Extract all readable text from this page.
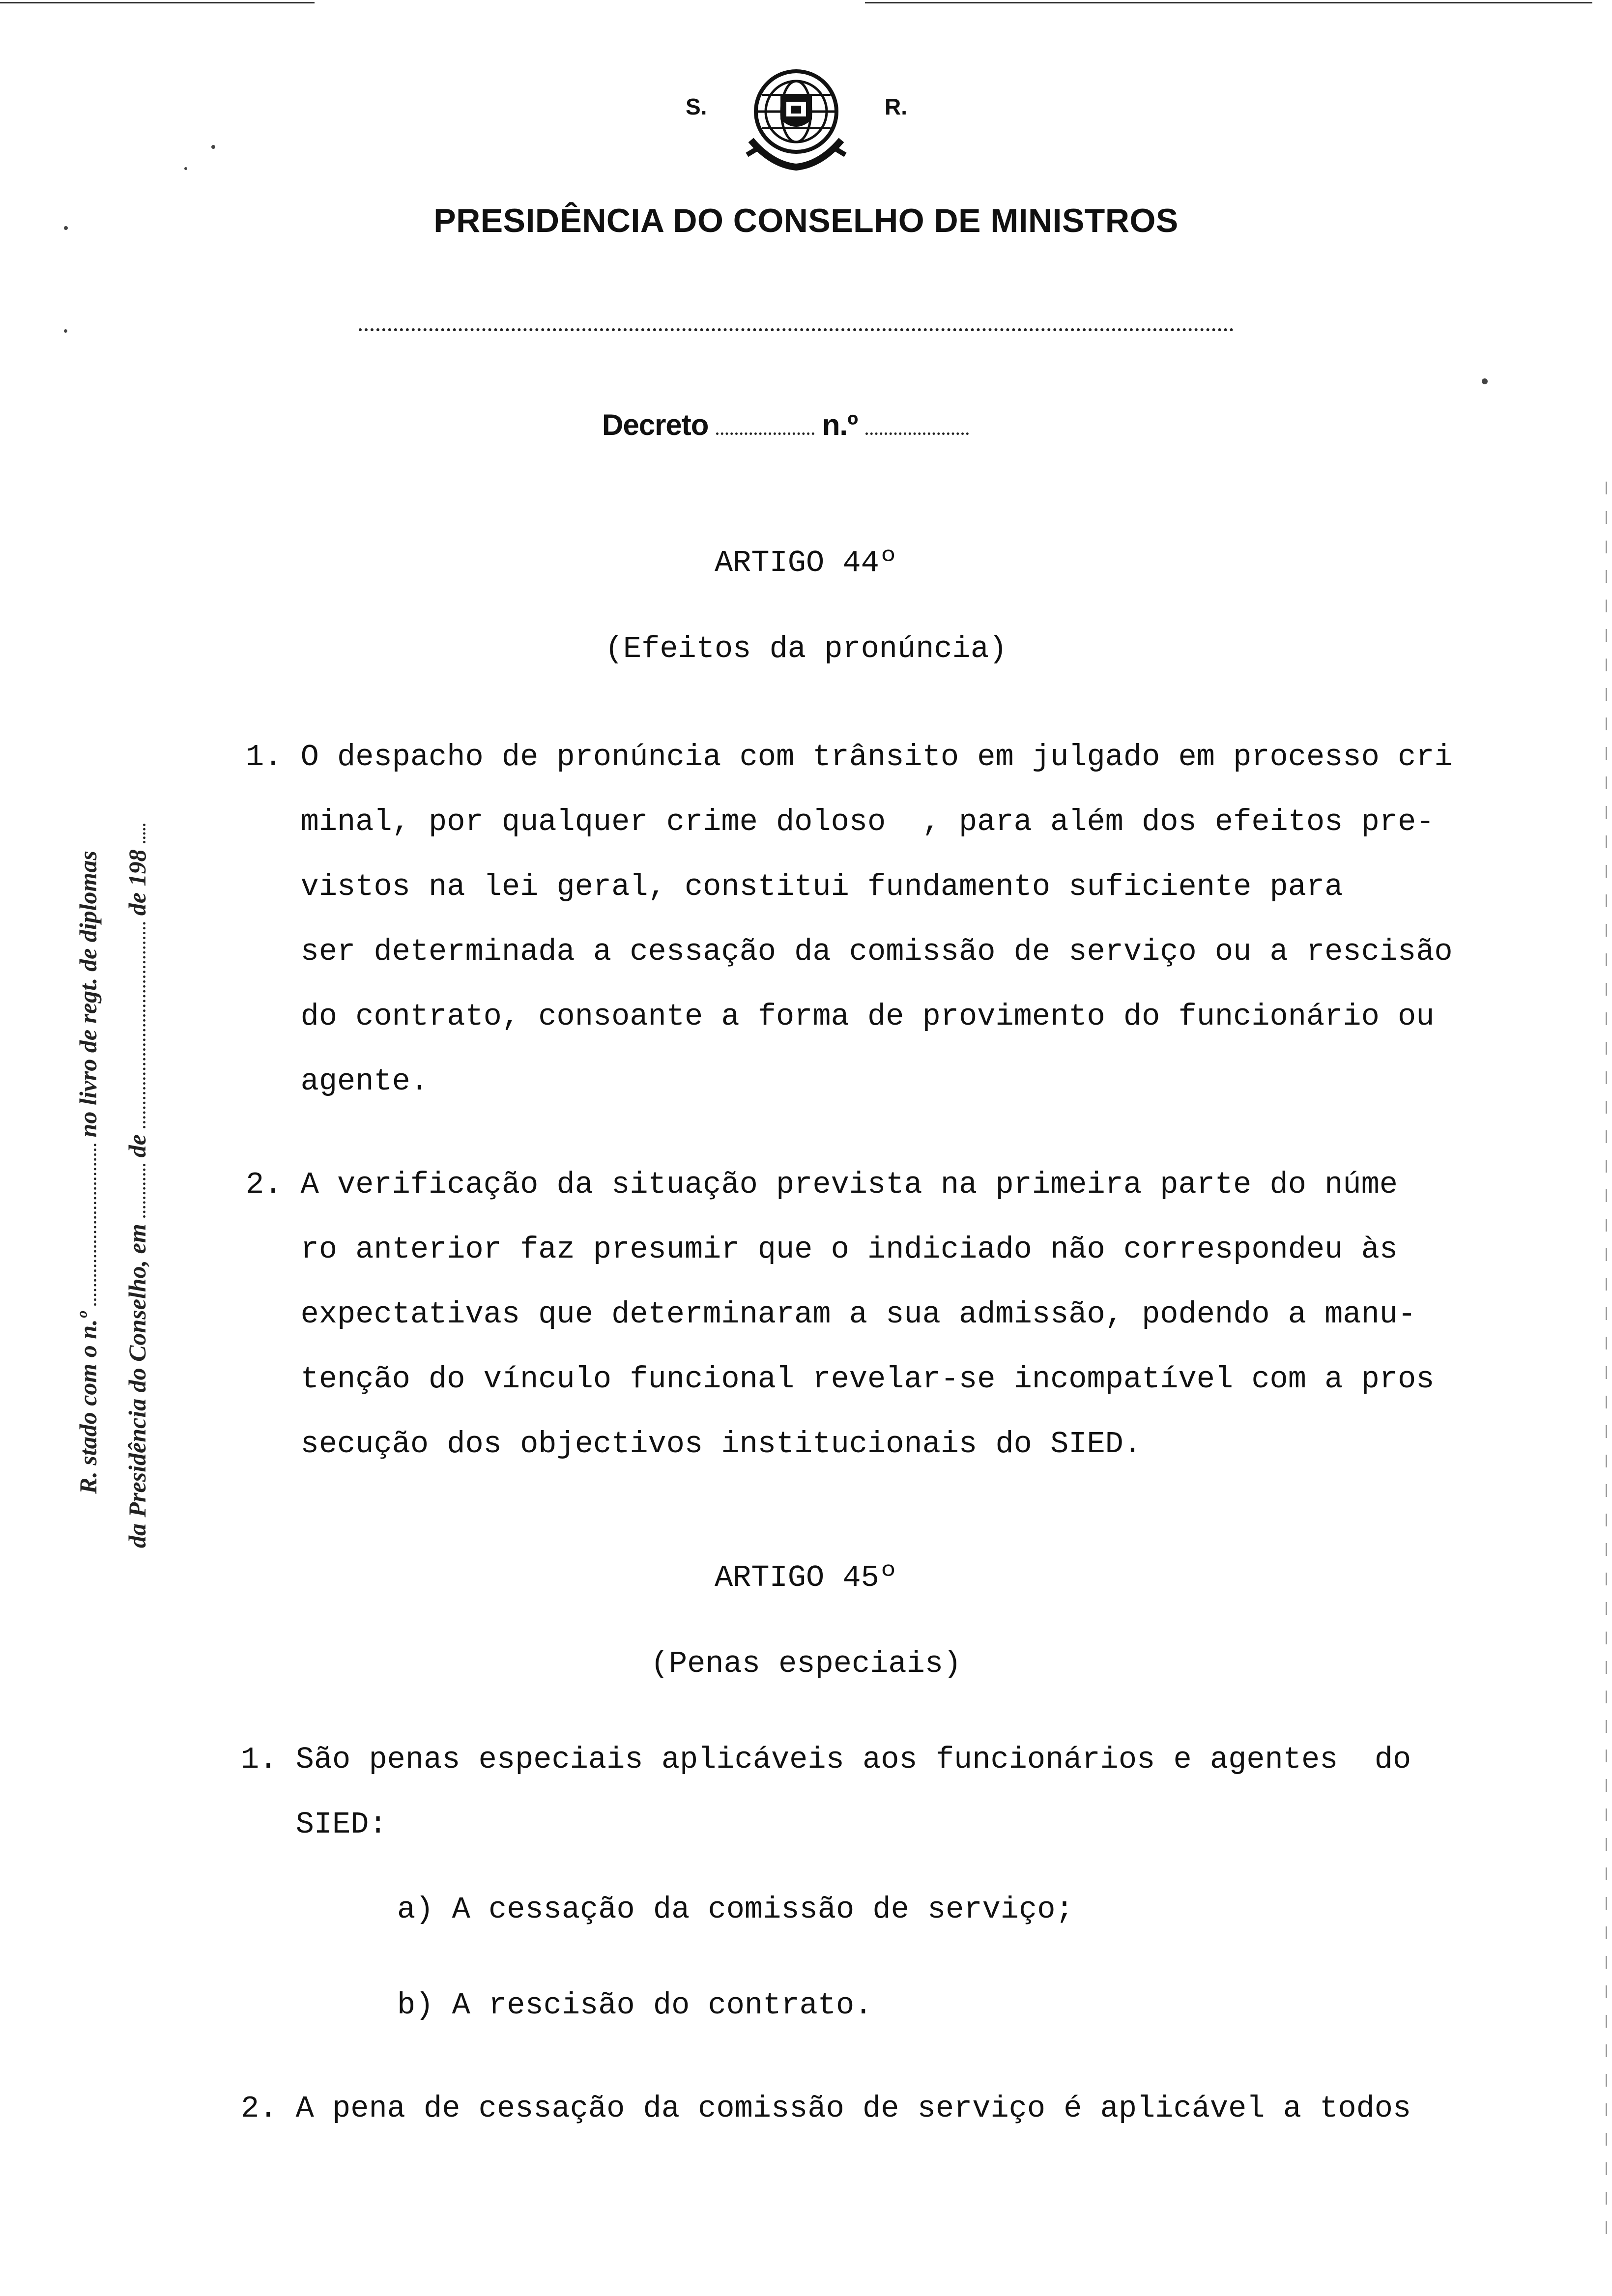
S.	R.
PRESIDÊNCIA DO CONSELHO DE MINISTROS
Decreto	n.º
R. stado com o n.º  no livro de regt. de diplomas
da Presidência do Conselho, em  de  de 198
ARTIGO 44º
(Efeitos da pronúncia)
1. O despacho de pronúncia com trânsito em julgado em processo cri
minal, por qualquer crime doloso  , para além dos efeitos pre-
vistos na lei geral, constitui fundamento suficiente para
ser determinada a cessação da comissão de serviço ou a rescisão
do contrato, consoante a forma de provimento do funcionário ou
agente.
2. A verificação da situação prevista na primeira parte do núme
ro anterior faz presumir que o indiciado não correspondeu às
expectativas que determinaram a sua admissão, podendo a manu-
tenção do vínculo funcional revelar-se incompatível com a pros
secução dos objectivos institucionais do SIED.
ARTIGO 45º
(Penas especiais)
1. São penas especiais aplicáveis aos funcionários e agentes  do
SIED:
a) A cessação da comissão de serviço;
b) A rescisão do contrato.
2. A pena de cessação da comissão de serviço é aplicável a todos
